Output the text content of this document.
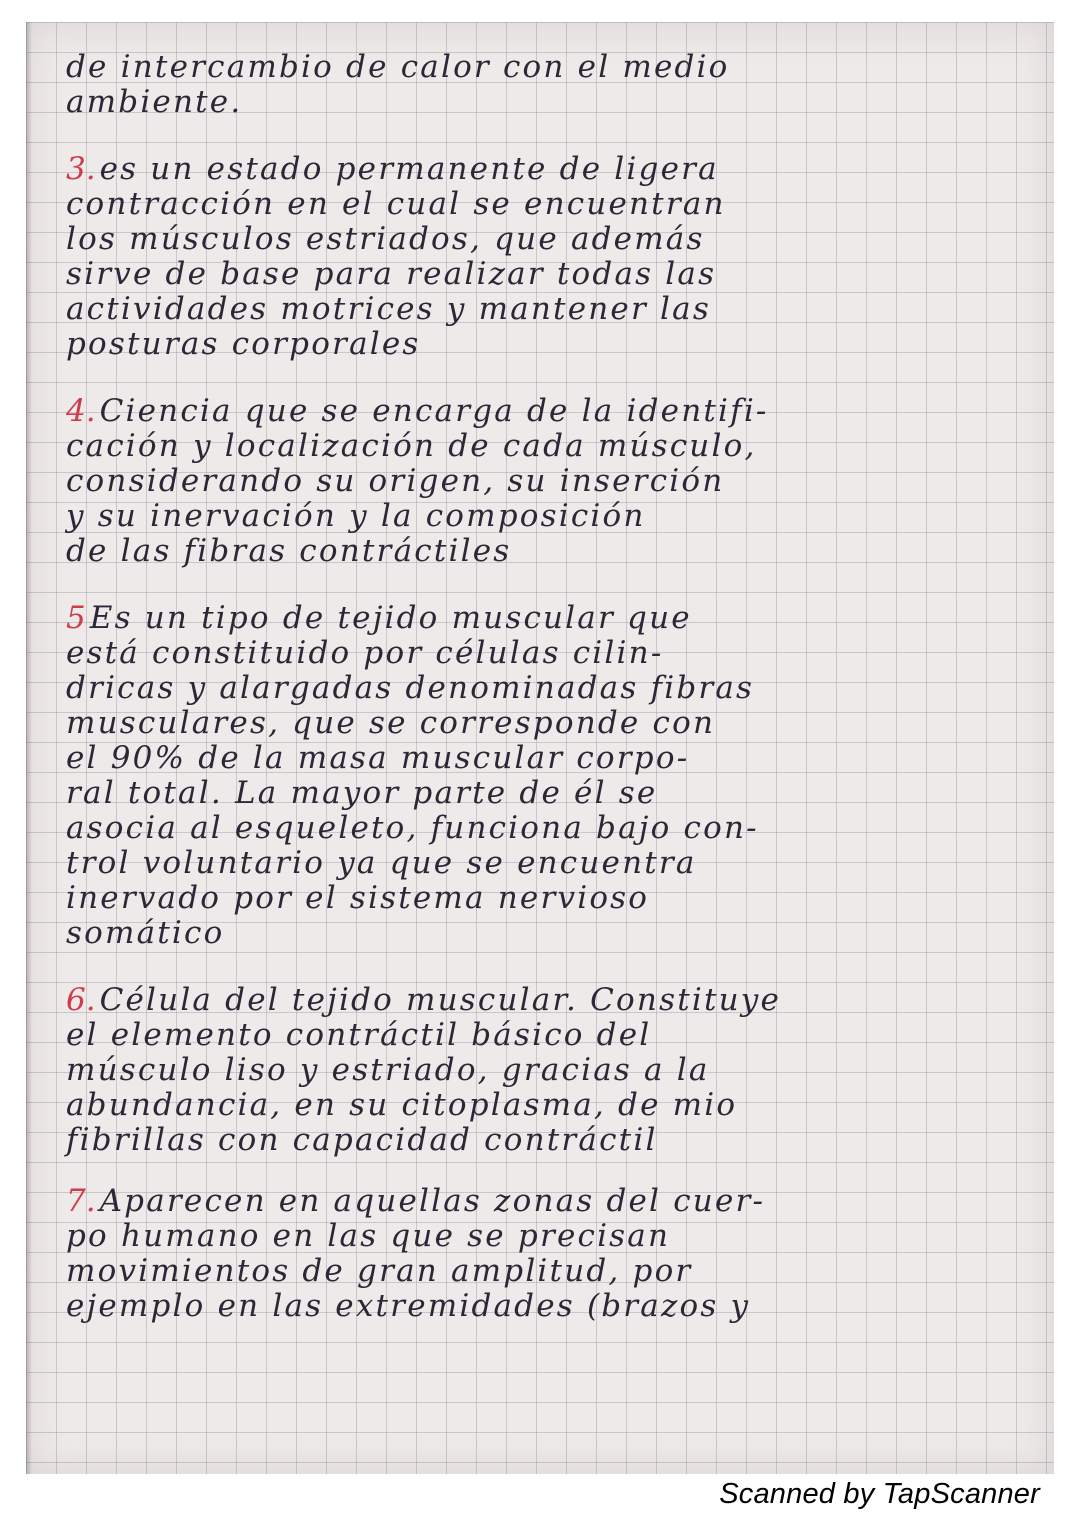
de intercambio de calor con el medio

ambiente.

3. es un estado permanente de ligera

contracción en el cual se encuentran

los músculos estriados, que además

sirve de base para realizar todas las

actividades motrices y mantener las

posturas corporales

4. Ciencia que se encarga de la identifi-

cación y localización de cada músculo,

considerando su origen, su inserción

y su inervación y la composición

de las fibras contráctiles

5 Es un tipo de tejido muscular que

está constituido por células cilin-

dricas y alargadas denominadas fibras

musculares, que se corresponde con

el 90% de la masa muscular corpo-

ral total. La mayor parte de él se

asocia al esqueleto, funciona bajo con-

trol voluntario ya que se encuentra

inervado por el sistema nervioso

somático

6. Célula del tejido muscular. Constituye

el elemento contráctil básico del

músculo liso y estriado, gracias a la

abundancia, en su citoplasma, de mio

fibrillas con capacidad contráctil

7. Aparecen en aquellas zonas del cuer-

po humano en las que se precisan

movimientos de gran amplitud, por

ejemplo en las extremidades (brazos y

Scanned by TapScanner
